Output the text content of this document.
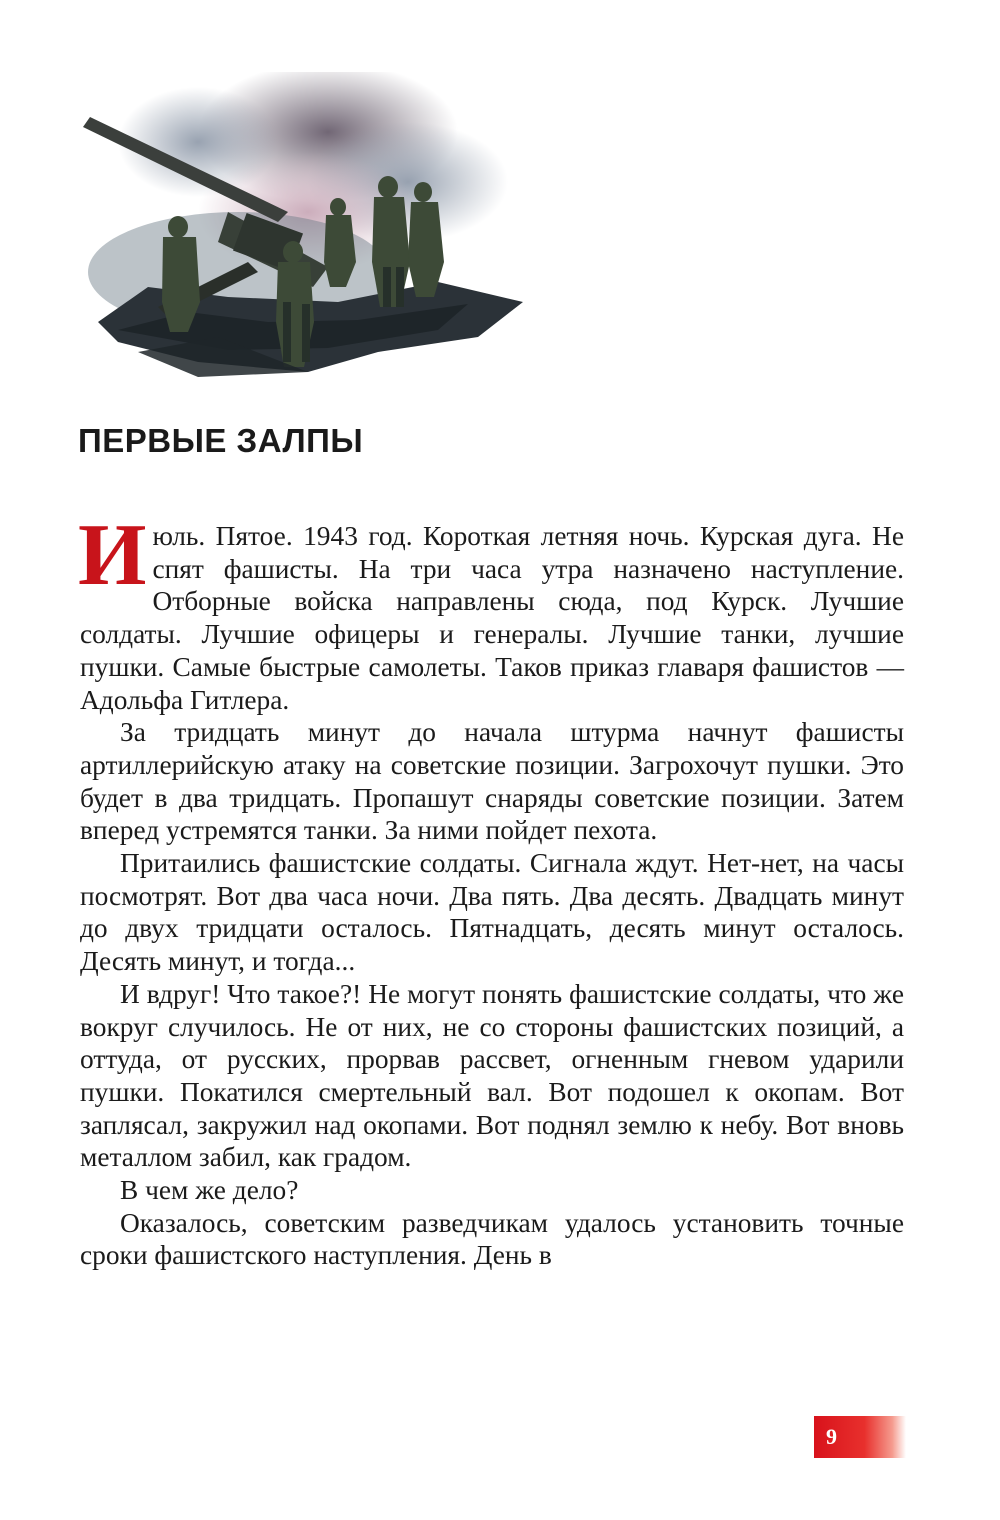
ПЕРВЫЕ ЗАЛПЫ

Июль. Пятое. 1943 год. Короткая летняя ночь. Курская дуга. Не спят фашисты. На три часа утра назначено наступление. Отборные войска направлены сюда, под Курск. Лучшие солдаты. Лучшие офицеры и генералы. Лучшие танки, лучшие пушки. Самые быстрые самолеты. Таков приказ главаря фашистов — Адольфа Гитлера.

За тридцать минут до начала штурма начнут фашисты артиллерийскую атаку на советские позиции. Загрохочут пушки. Это будет в два тридцать. Пропашут снаряды советские позиции. Затем вперед устремятся танки. За ними пойдет пехота.

Притаились фашистские солдаты. Сигнала ждут. Нет-нет, на часы посмотрят. Вот два часа ночи. Два пять. Два десять. Двадцать минут до двух тридцати осталось. Пятнадцать, десять минут осталось. Десять минут, и тогда...

И вдруг! Что такое?! Не могут понять фашистские солдаты, что же вокруг случилось. Не от них, не со стороны фашистских позиций, а оттуда, от русских, прорвав рассвет, огненным гневом ударили пушки. Покатился смертельный вал. Вот подошел к окопам. Вот заплясал, закружил над окопами. Вот поднял землю к небу. Вот вновь металлом забил, как градом.

В чем же дело?

Оказалось, советским разведчикам удалось установить точные сроки фашистского наступления. День в

9
